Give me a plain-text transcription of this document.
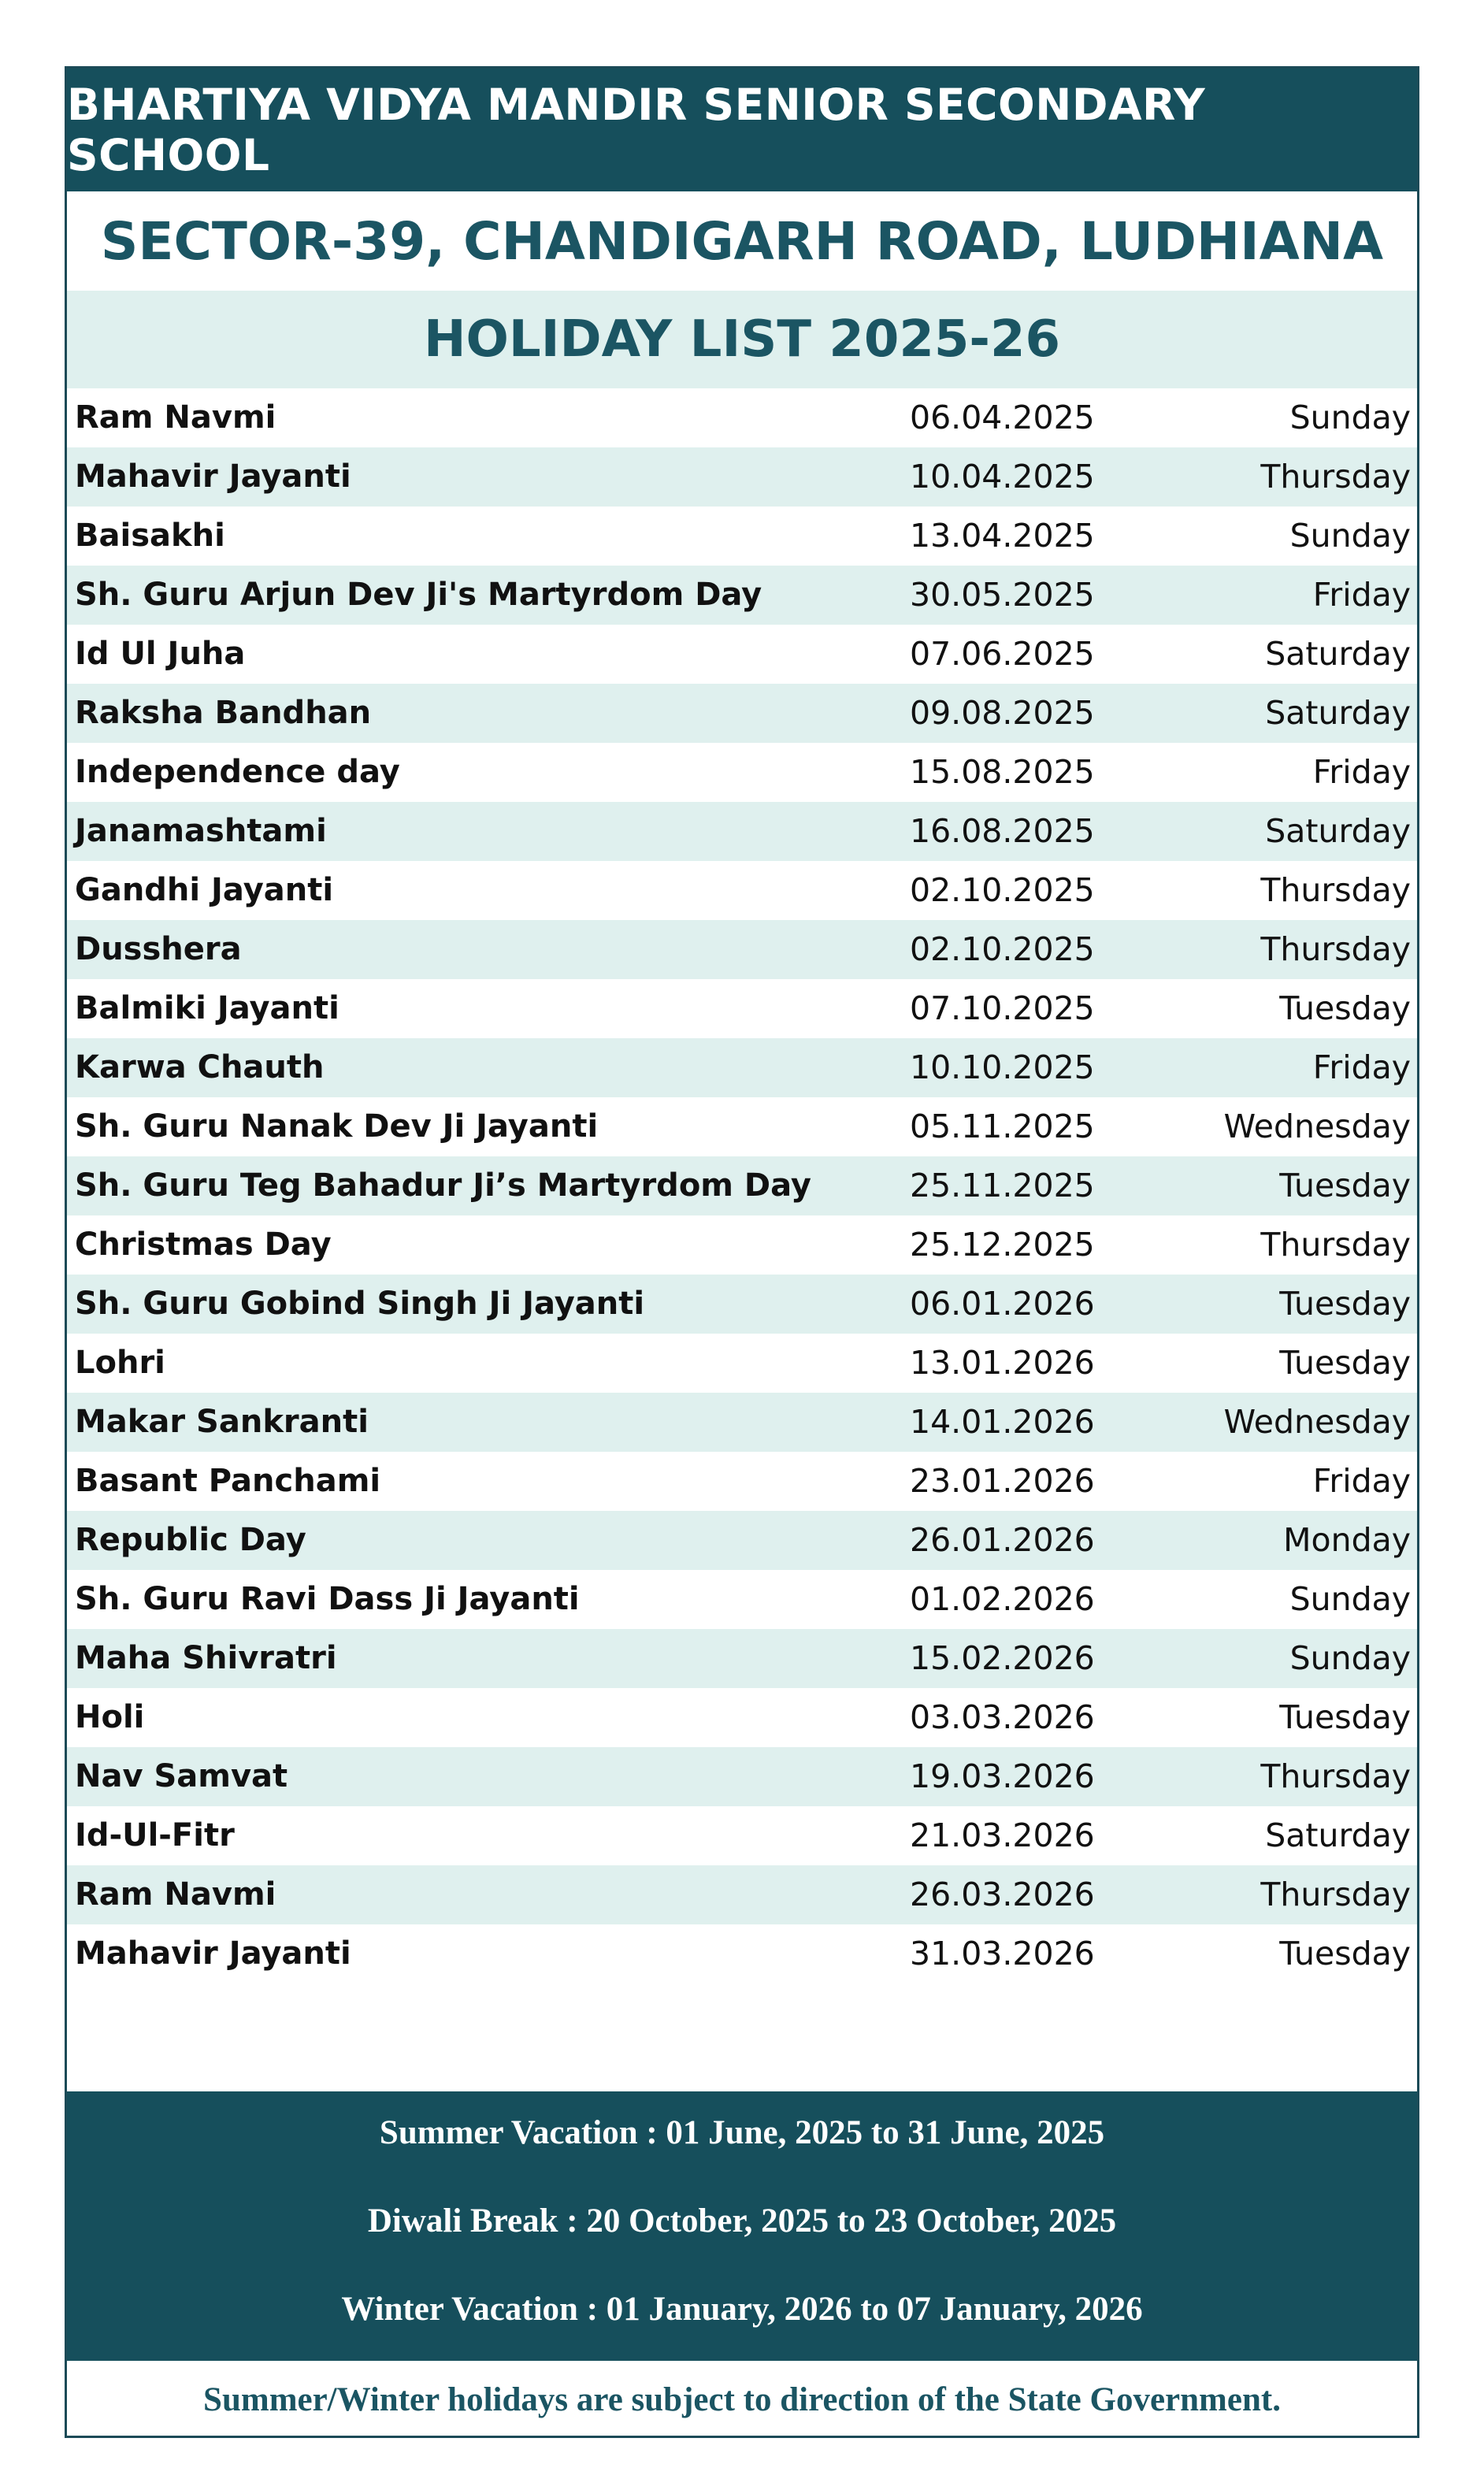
BHARTIYA VIDYA MANDIR SENIOR SECONDARY SCHOOL
SECTOR-39, CHANDIGARH ROAD, LUDHIANA
HOLIDAY LIST 2025-26
Ram Navmi	06.04.2025	Sunday
Mahavir Jayanti	10.04.2025	Thursday
Baisakhi	13.04.2025	Sunday
Sh. Guru Arjun Dev Ji's Martyrdom Day	30.05.2025	Friday
Id Ul Juha	07.06.2025	Saturday
Raksha Bandhan	09.08.2025	Saturday
Independence day	15.08.2025	Friday
Janamashtami	16.08.2025	Saturday
Gandhi Jayanti	02.10.2025	Thursday
Dusshera	02.10.2025	Thursday
Balmiki Jayanti	07.10.2025	Tuesday
Karwa Chauth	10.10.2025	Friday
Sh. Guru Nanak Dev Ji Jayanti	05.11.2025	Wednesday
Sh. Guru Teg Bahadur Ji’s Martyrdom Day	25.11.2025	Tuesday
Christmas Day	25.12.2025	Thursday
Sh. Guru Gobind Singh Ji Jayanti	06.01.2026	Tuesday
Lohri	13.01.2026	Tuesday
Makar Sankranti	14.01.2026	Wednesday
Basant Panchami	23.01.2026	Friday
Republic Day	26.01.2026	Monday
Sh. Guru Ravi Dass Ji Jayanti	01.02.2026	Sunday
Maha Shivratri	15.02.2026	Sunday
Holi	03.03.2026	Tuesday
Nav Samvat	19.03.2026	Thursday
Id-Ul-Fitr	21.03.2026	Saturday
Ram Navmi	26.03.2026	Thursday
Mahavir Jayanti	31.03.2026	Tuesday
Summer Vacation : 01 June, 2025 to 31 June, 2025
Diwali Break : 20 October, 2025 to 23 October, 2025
Winter Vacation : 01 January, 2026 to 07 January, 2026
Summer/Winter holidays are subject to direction of the State Government.
